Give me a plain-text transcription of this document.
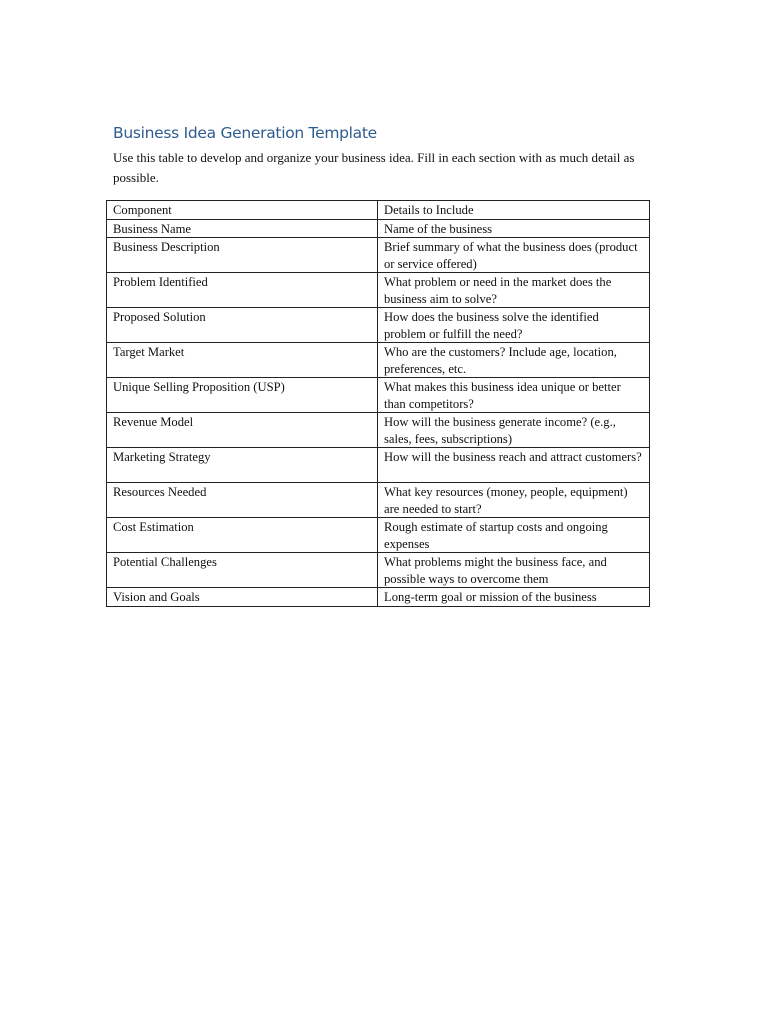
Business Idea Generation Template

Use this table to develop and organize your business idea. Fill in each section with as much detail as possible.

Component	Details to Include
Business Name	Name of the business
Business Description	Brief summary of what the business does (product or service offered)
Problem Identified	What problem or need in the market does the business aim to solve?
Proposed Solution	How does the business solve the identified problem or fulfill the need?
Target Market	Who are the customers? Include age, location, preferences, etc.
Unique Selling Proposition (USP)	What makes this business idea unique or better than competitors?
Revenue Model	How will the business generate income? (e.g., sales, fees, subscriptions)
Marketing Strategy	How will the business reach and attract customers?
Resources Needed	What key resources (money, people, equipment) are needed to start?
Cost Estimation	Rough estimate of startup costs and ongoing expenses
Potential Challenges	What problems might the business face, and possible ways to overcome them
Vision and Goals	Long-term goal or mission of the business
